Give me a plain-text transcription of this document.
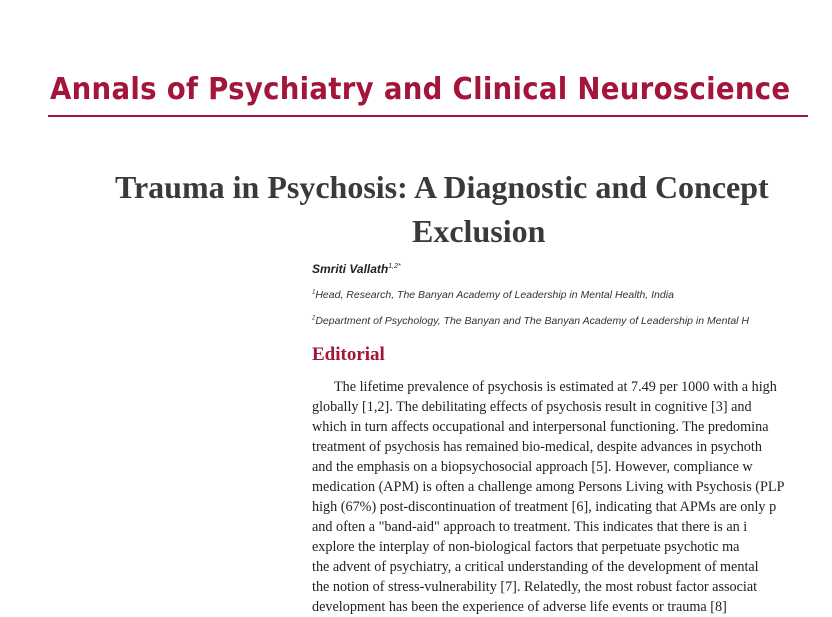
Annals of Psychiatry and Clinical Neuroscience
Trauma in Psychosis: A Diagnostic and Concept
Exclusion

Smriti Vallath$^{1,2*}$

$^1$Head, Research, The Banyan Academy of Leadership in Mental Health, India

$^2$Department of Psychology, The Banyan and The Banyan Academy of Leadership in Mental H

Editorial
The lifetime prevalence of psychosis is estimated at 7.49 per 1000 with a high
globally [1,2]. The debilitating effects of psychosis result in cognitive [3] and
which in turn affects occupational and interpersonal functioning. The predomina
treatment of psychosis has remained bio-medical, despite advances in psychoth
and the emphasis on a biopsychosocial approach [5]. However, compliance w
medication (APM) is often a challenge among Persons Living with Psychosis (PLP
high (67%) post-discontinuation of treatment [6], indicating that APMs are only p
and often a "band-aid" approach to treatment. This indicates that there is an i
explore the interplay of non-biological factors that perpetuate psychotic ma
the advent of psychiatry, a critical understanding of the development of mental
the notion of stress-vulnerability [7]. Relatedly, the most robust factor associat
development has been the experience of adverse life events or trauma [8]
